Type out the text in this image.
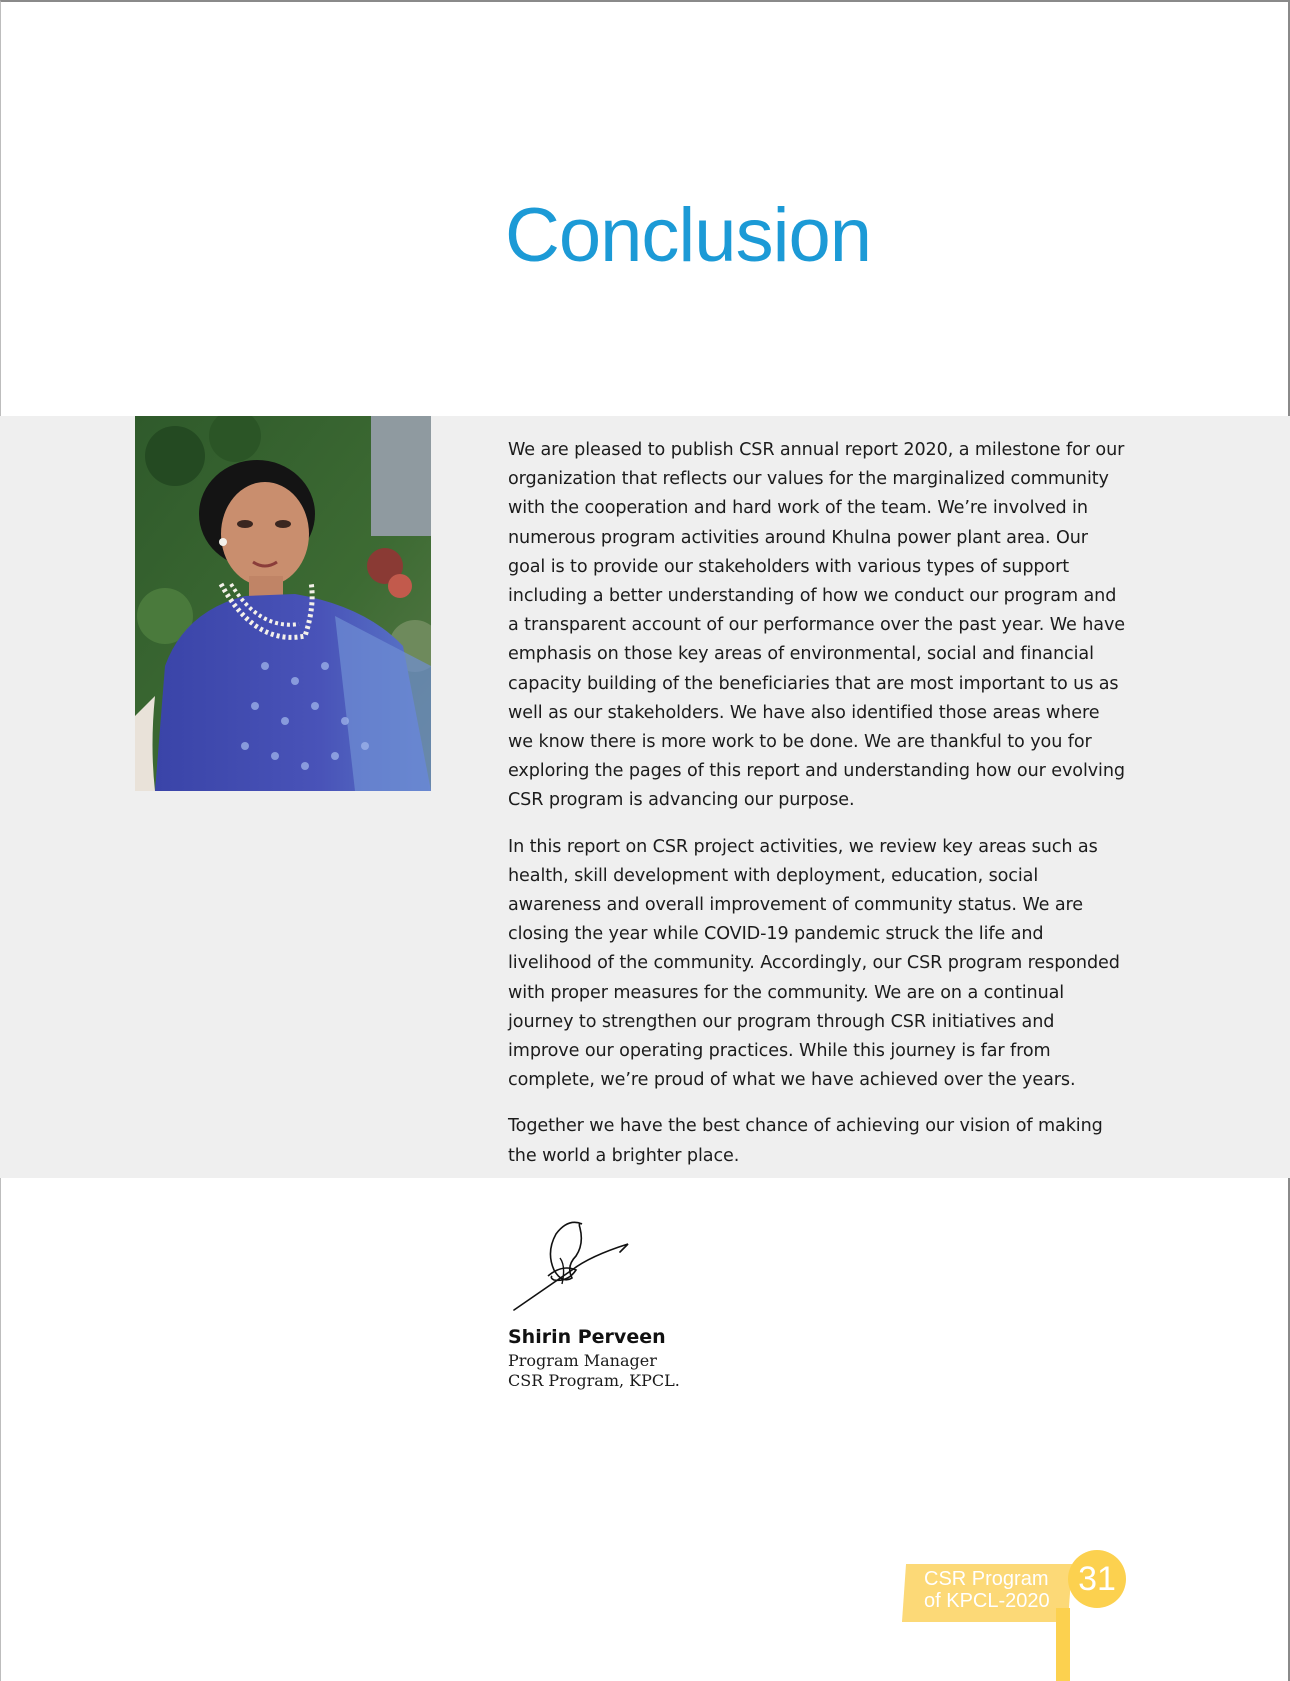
Conclusion

We are pleased to publish CSR annual report 2020, a milestone for our organization that reflects our values for the marginalized community with the cooperation and hard work of the team. We’re involved in numerous program activities around Khulna power plant area. Our goal is to provide our stakeholders with various types of support including a better understanding of how we conduct our program and a transparent account of our performance over the past year. We have emphasis on those key areas of environmental, social and financial capacity building of the beneficiaries that are most important to us as well as our stakeholders. We have also identified those areas where we know there is more work to be done. We are thankful to you for exploring the pages of this report and understanding how our evolving CSR program is advancing our purpose.

In this report on CSR project activities, we review key areas such as health, skill development with deployment, education, social awareness and overall improvement of community status. We are closing the year while COVID-19 pandemic struck the life and livelihood of the community. Accordingly, our CSR program responded with proper measures for the community. We are on a continual journey to strengthen our program through CSR initiatives and improve our operating practices. While this journey is far from complete, we’re proud of what we have achieved over the years.

Together we have the best chance of achieving our vision of making the world a brighter place.

Shirin Perveen
Program Manager
CSR Program, KPCL.
31
CSR Program
of KPCL-2020
